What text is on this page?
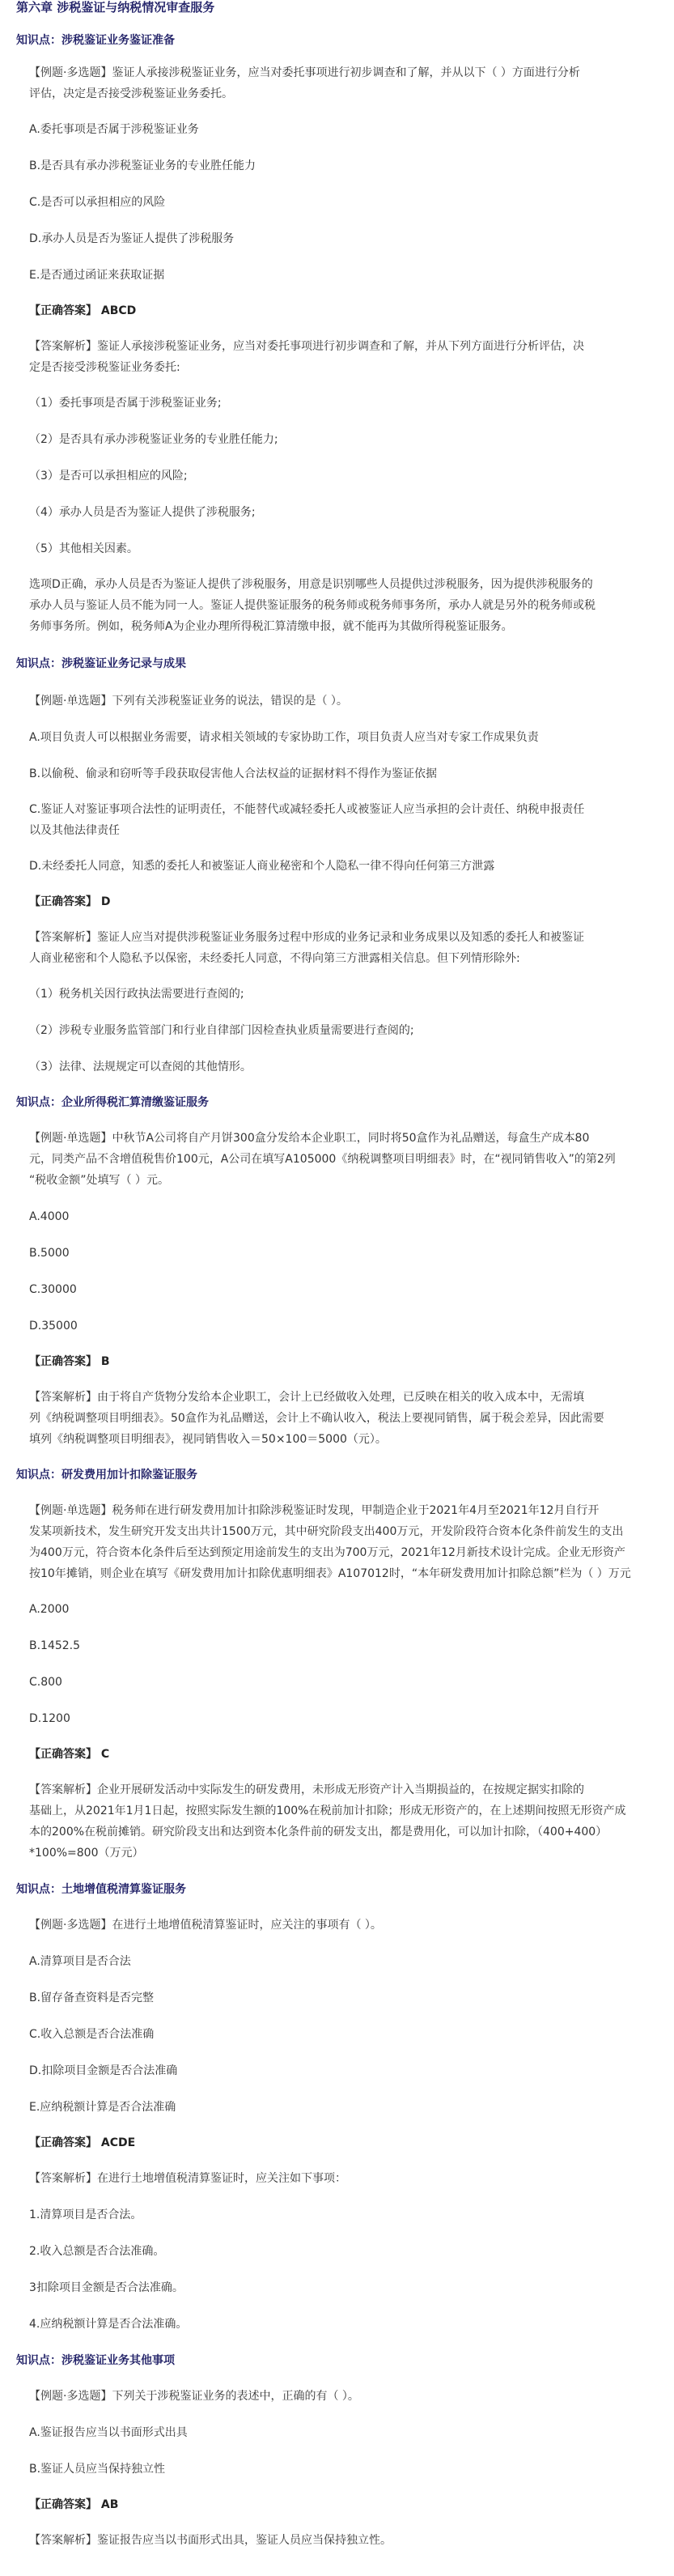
第六章 涉税鉴证与纳税情况审查服务
知识点：涉税鉴证业务鉴证准备
【例题·多选题】鉴证人承接涉税鉴证业务，应当对委托事项进行初步调查和了解，并从以下（ ）方面进行分析
评估，决定是否接受涉税鉴证业务委托。
A.委托事项是否属于涉税鉴证业务
B.是否具有承办涉税鉴证业务的专业胜任能力
C.是否可以承担相应的风险
D.承办人员是否为鉴证人提供了涉税服务
E.是否通过函证来获取证据
【正确答案】 ABCD
【答案解析】鉴证人承接涉税鉴证业务，应当对委托事项进行初步调查和了解，并从下列方面进行分析评估，决
定是否接受涉税鉴证业务委托:
（1）委托事项是否属于涉税鉴证业务;
（2）是否具有承办涉税鉴证业务的专业胜任能力;
（3）是否可以承担相应的风险;
（4）承办人员是否为鉴证人提供了涉税服务;
（5）其他相关因素。
选项D正确，承办人员是否为鉴证人提供了涉税服务，用意是识别哪些人员提供过涉税服务，因为提供涉税服务的
承办人员与鉴证人员不能为同一人。鉴证人提供鉴证服务的税务师或税务师事务所，承办人就是另外的税务师或税
务师事务所。例如，税务师A为企业办理所得税汇算清缴申报，就不能再为其做所得税鉴证服务。
知识点：涉税鉴证业务记录与成果
【例题·单选题】下列有关涉税鉴证业务的说法，错误的是（ ）。
A.项目负责人可以根据业务需要，请求相关领域的专家协助工作，项目负责人应当对专家工作成果负责
B.以偷税、偷录和窃听等手段获取侵害他人合法权益的证据材料不得作为鉴证依据
C.鉴证人对鉴证事项合法性的证明责任，不能替代或减轻委托人或被鉴证人应当承担的会计责任、纳税申报责任
以及其他法律责任
D.未经委托人同意，知悉的委托人和被鉴证人商业秘密和个人隐私一律不得向任何第三方泄露
【正确答案】 D
【答案解析】鉴证人应当对提供涉税鉴证业务服务过程中形成的业务记录和业务成果以及知悉的委托人和被鉴证
人商业秘密和个人隐私予以保密，未经委托人同意，不得向第三方泄露相关信息。但下列情形除外:
（1）税务机关因行政执法需要进行查阅的;
（2）涉税专业服务监管部门和行业自律部门因检查执业质量需要进行查阅的;
（3）法律、法规规定可以查阅的其他情形。
知识点：企业所得税汇算清缴鉴证服务
【例题·单选题】中秋节A公司将自产月饼300盒分发给本企业职工，同时将50盒作为礼品赠送，每盒生产成本80
元，同类产品不含增值税售价100元，A公司在填写A105000《纳税调整项目明细表》时，在“视同销售收入”的第2列
“税收金额”处填写（ ）元。
A.4000
B.5000
C.30000
D.35000
【正确答案】 B
【答案解析】由于将自产货物分发给本企业职工，会计上已经做收入处理，已反映在相关的收入成本中，无需填
列《纳税调整项目明细表》。50盒作为礼品赠送，会计上不确认收入，税法上要视同销售，属于税会差异，因此需要
填列《纳税调整项目明细表》，视同销售收入＝50×100＝5000（元）。
知识点：研发费用加计扣除鉴证服务
【例题·单选题】税务师在进行研发费用加计扣除涉税鉴证时发现，甲制造企业于2021年4月至2021年12月自行开
发某项新技术，发生研究开发支出共计1500万元，其中研究阶段支出400万元，开发阶段符合资本化条件前发生的支出
为400万元，符合资本化条件后至达到预定用途前发生的支出为700万元，2021年12月新技术设计完成。企业无形资产
按10年摊销，则企业在填写《研发费用加计扣除优惠明细表》A107012时，“本年研发费用加计扣除总额”栏为（ ）万元
A.2000
B.1452.5
C.800
D.1200
【正确答案】 C
【答案解析】企业开展研发活动中实际发生的研发费用，未形成无形资产计入当期损益的，在按规定据实扣除的
基础上，从2021年1月1日起，按照实际发生额的100%在税前加计扣除；形成无形资产的，在上述期间按照无形资产成
本的200%在税前摊销。研究阶段支出和达到资本化条件前的研发支出，都是费用化，可以加计扣除，（400+400）
*100%=800（万元）
知识点：土地增值税清算鉴证服务
【例题·多选题】在进行土地增值税清算鉴证时，应关注的事项有（ ）。
A.清算项目是否合法
B.留存备查资料是否完整
C.收入总额是否合法准确
D.扣除项目金额是否合法准确
E.应纳税额计算是否合法准确
【正确答案】 ACDE
【答案解析】在进行土地增值税清算鉴证时，应关注如下事项：
1.清算项目是否合法。
2.收入总额是否合法准确。
3扣除项目金额是否合法准确。
4.应纳税额计算是否合法准确。
知识点：涉税鉴证业务其他事项
【例题·多选题】下列关于涉税鉴证业务的表述中，正确的有（ ）。
A.鉴证报告应当以书面形式出具
B.鉴证人员应当保持独立性
【正确答案】 AB
【答案解析】鉴证报告应当以书面形式出具，鉴证人员应当保持独立性。
